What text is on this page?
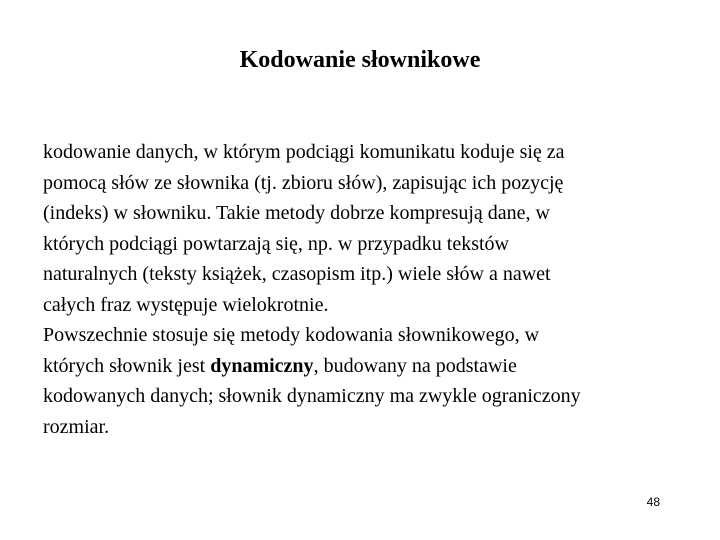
Kodowanie słownikowe

kodowanie danych, w którym podciągi komunikatu koduje się za
pomocą słów ze słownika (tj. zbioru słów), zapisując ich pozycję
(indeks) w słowniku. Takie metody dobrze kompresują dane, w
których podciągi powtarzają się, np. w przypadku tekstów
naturalnych (teksty książek, czasopism itp.) wiele słów a nawet
całych fraz występuje wielokrotnie.

Powszechnie stosuje się metody kodowania słownikowego, w
których słownik jest dynamiczny, budowany na podstawie
kodowanych danych; słownik dynamiczny ma zwykle ograniczony
rozmiar.

48
